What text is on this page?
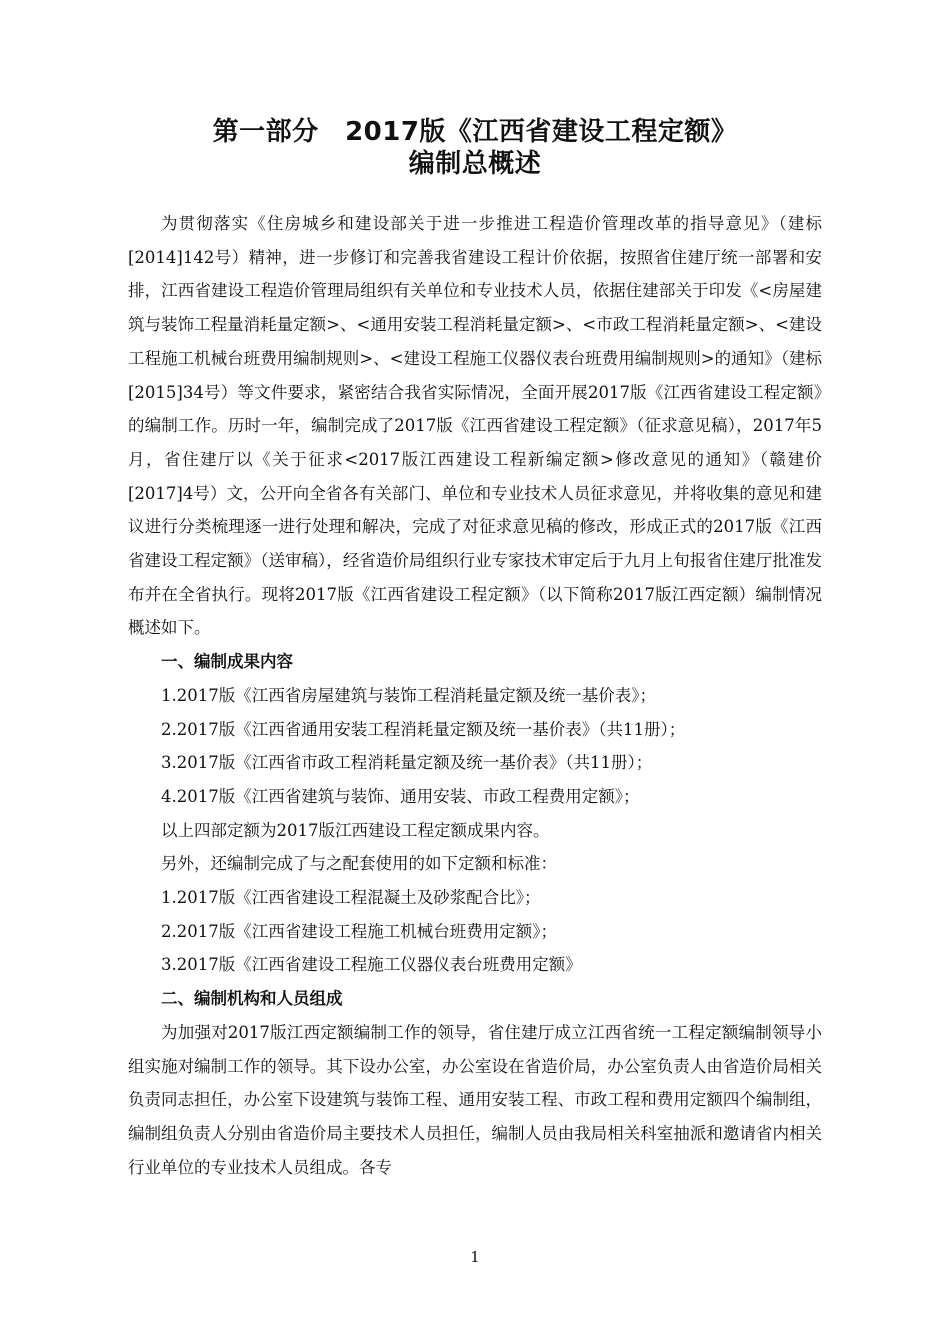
第一部分　2017版《江西省建设工程定额》
编制总概述

为贯彻落实《住房城乡和建设部关于进一步推进工程造价管理改革的指导意见》（建标[2014]142号）精神，进一步修订和完善我省建设工程计价依据，按照省住建厅统一部署和安排，江西省建设工程造价管理局组织有关单位和专业技术人员，依据住建部关于印发《<房屋建筑与装饰工程量消耗量定额>、<通用安装工程消耗量定额>、<市政工程消耗量定额>、<建设工程施工机械台班费用编制规则>、<建设工程施工仪器仪表台班费用编制规则>的通知》（建标[2015]34号）等文件要求，紧密结合我省实际情况，全面开展2017版《江西省建设工程定额》的编制工作。历时一年，编制完成了2017版《江西省建设工程定额》（征求意见稿），2017年5月，省住建厅以《关于征求<2017版江西建设工程新编定额>修改意见的通知》（赣建价[2017]4号）文，公开向全省各有关部门、单位和专业技术人员征求意见，并将收集的意见和建议进行分类梳理逐一进行处理和解决，完成了对征求意见稿的修改，形成正式的2017版《江西省建设工程定额》（送审稿），经省造价局组织行业专家技术审定后于九月上旬报省住建厅批准发布并在全省执行。现将2017版《江西省建设工程定额》（以下简称2017版江西定额）编制情况概述如下。

一、编制成果内容

1.2017版《江西省房屋建筑与装饰工程消耗量定额及统一基价表》；

2.2017版《江西省通用安装工程消耗量定额及统一基价表》（共11册）；

3.2017版《江西省市政工程消耗量定额及统一基价表》（共11册）；

4.2017版《江西省建筑与装饰、通用安装、市政工程费用定额》；

以上四部定额为2017版江西建设工程定额成果内容。

另外，还编制完成了与之配套使用的如下定额和标准：

1.2017版《江西省建设工程混凝土及砂浆配合比》；

2.2017版《江西省建设工程施工机械台班费用定额》；

3.2017版《江西省建设工程施工仪器仪表台班费用定额》

二、编制机构和人员组成

为加强对2017版江西定额编制工作的领导，省住建厅成立江西省统一工程定额编制领导小组实施对编制工作的领导。其下设办公室，办公室设在省造价局，办公室负责人由省造价局相关负责同志担任，办公室下设建筑与装饰工程、通用安装工程、市政工程和费用定额四个编制组，编制组负责人分别由省造价局主要技术人员担任，编制人员由我局相关科室抽派和邀请省内相关行业单位的专业技术人员组成。各专

1
